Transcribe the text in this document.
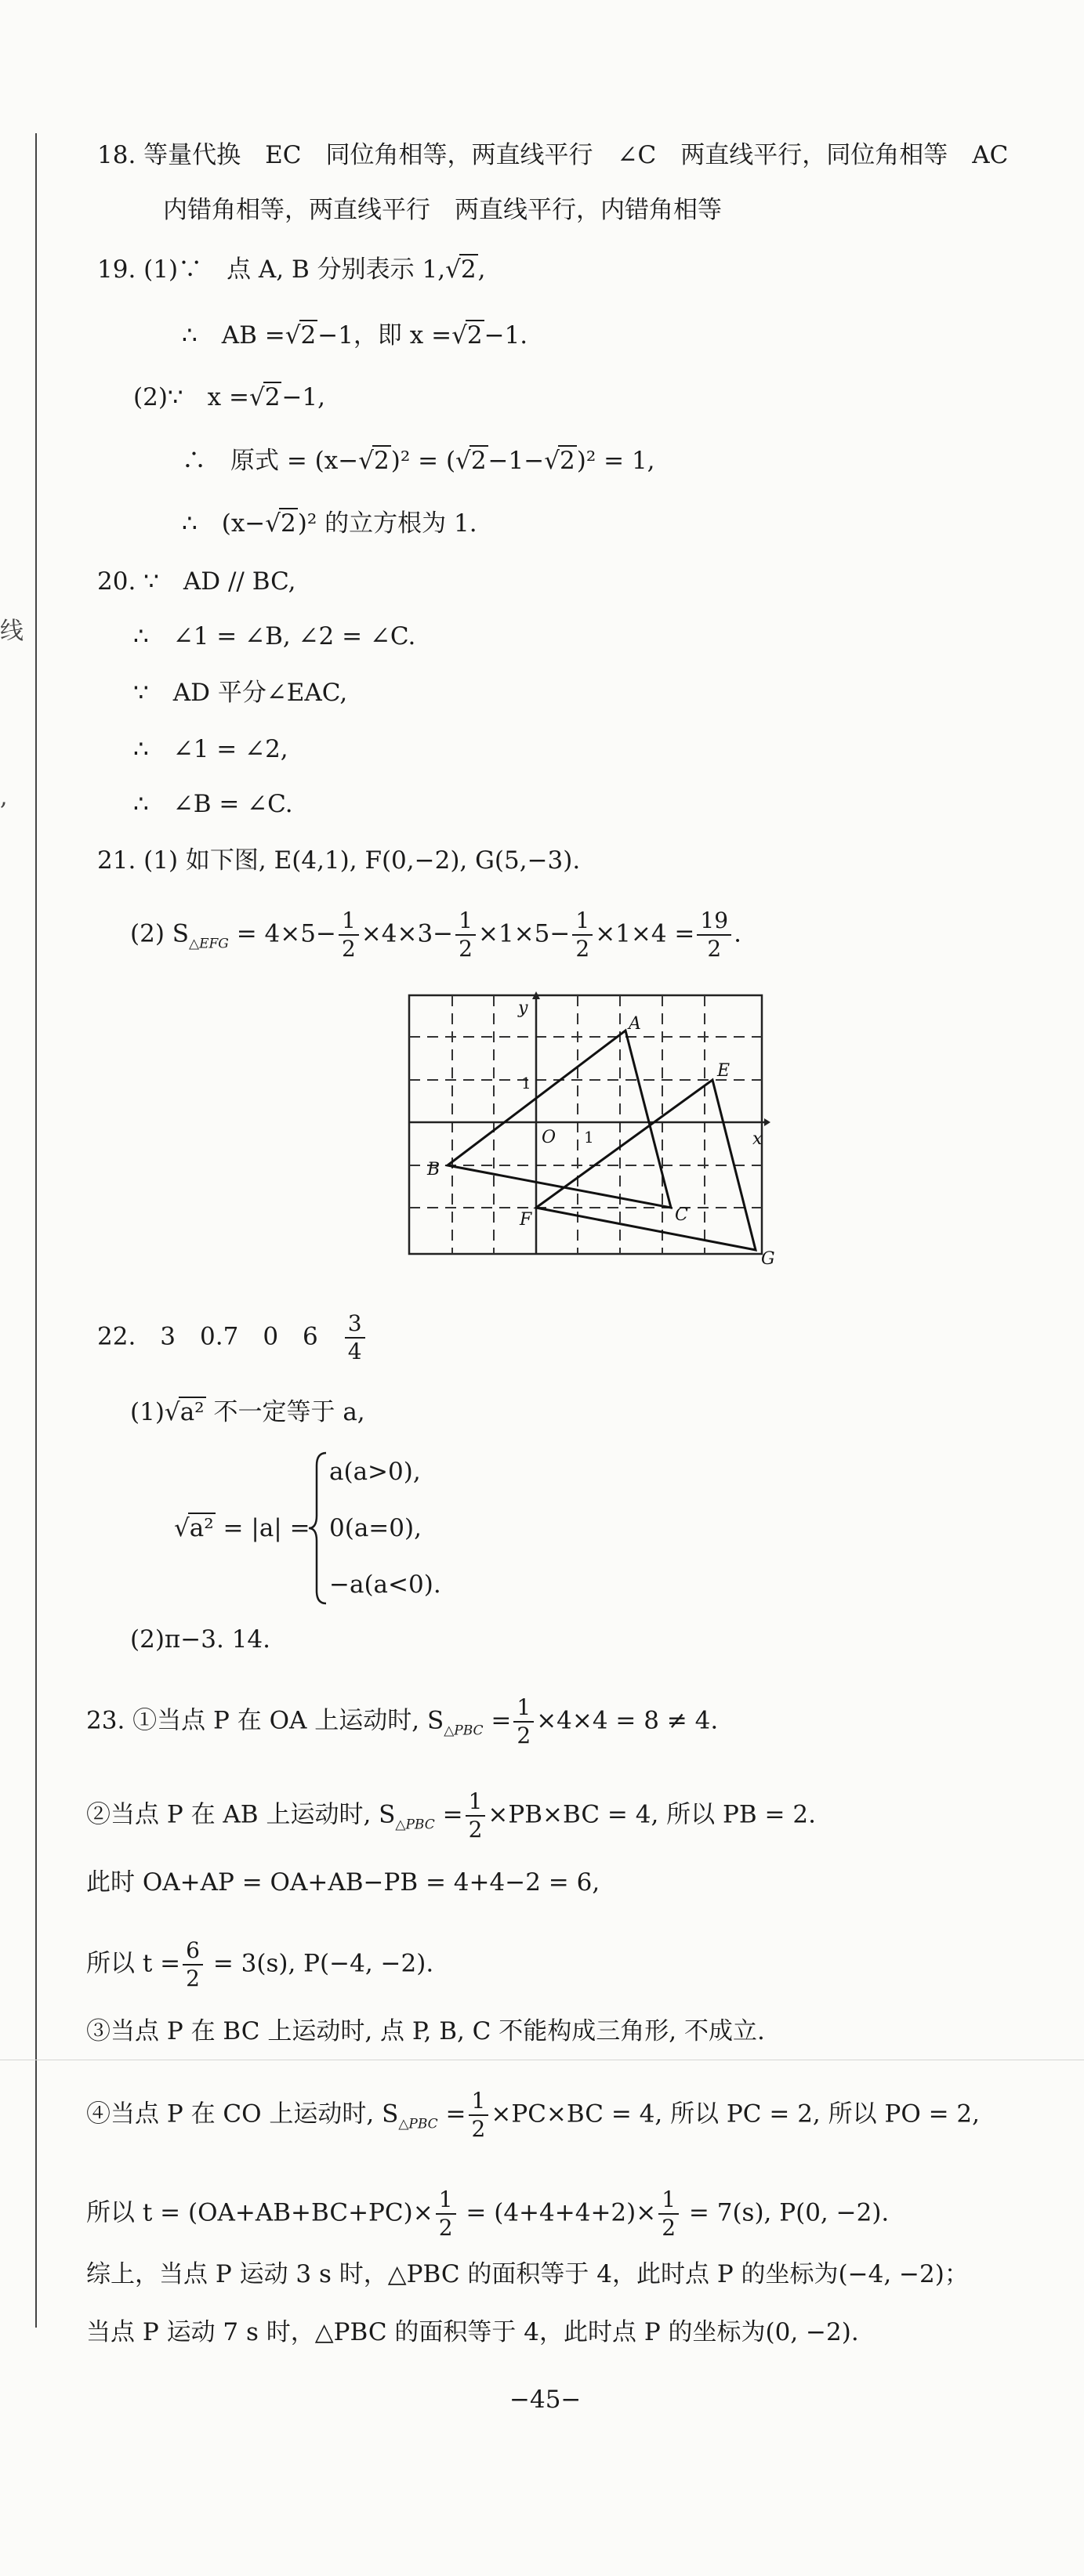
线
,
18. 等量代换　EC　同位角相等，两直线平行　∠C　两直线平行，同位角相等　AC
内错角相等，两直线平行　两直线平行，内错角相等
19. (1)∵　点 A, B 分别表示 1,√2,
∴　AB =√2−1，即 x =√2−1.
(2)∵　x =√2−1,
∴　原式 = (x−√2)² = (√2−1−√2)² = 1,
∴　(x−√2)² 的立方根为 1.
20. ∵　AD // BC,
∴　∠1 = ∠B, ∠2 = ∠C.
∵　AD 平分∠EAC,
∴　∠1 = ∠2,
∴　∠B = ∠C.
21. (1) 如下图, E(4,1), F(0,−2), G(5,−3).
(2) $S_{\triangle EFG} = 4\times 5- \frac{1}{2} \times 4\times 3- \frac{1}{2} \times 1\times 5- \frac{1}{2} \times 1\times 4 = \frac{19}{2}$ .
y
x
O
A
B
C
E
F
G
1
1
22.　3　0.7　0　6  $\frac{3}{4}$
(1)√a² 不一定等于 a,
√a² = |a| =
a(a>0),
0(a=0),
−a(a<0).
(2)π−3. 14.
23. ①当点 P 在 OA 上运动时, $S_{\triangle PBC} = \frac{1}{2} \times 4\times 4 = 8 \ne 4$.
②当点 P 在 AB 上运动时, $S_{\triangle PBC} = \frac{1}{2} \times PB\times BC = 4$, 所以 PB = 2.
此时 OA+AP = OA+AB−PB = 4+4−2 = 6,
所以 $t = \frac{6}{2} = 3(s)$, P(−4, −2).
③当点 P 在 BC 上运动时, 点 P, B, C 不能构成三角形, 不成立.
④当点 P 在 CO 上运动时, $S_{\triangle PBC} = \frac{1}{2} \times PC\times BC = 4$, 所以 PC = 2, 所以 PO = 2,
所以 $t = (OA+AB+BC+PC)\times \frac{1}{2} = (4+4+4+2)\times \frac{1}{2} = 7(s)$, P(0, −2).
综上，当点 P 运动 3 s 时，△PBC 的面积等于 4，此时点 P 的坐标为(−4, −2)；
当点 P 运动 7 s 时，△PBC 的面积等于 4，此时点 P 的坐标为(0, −2).
−45−
